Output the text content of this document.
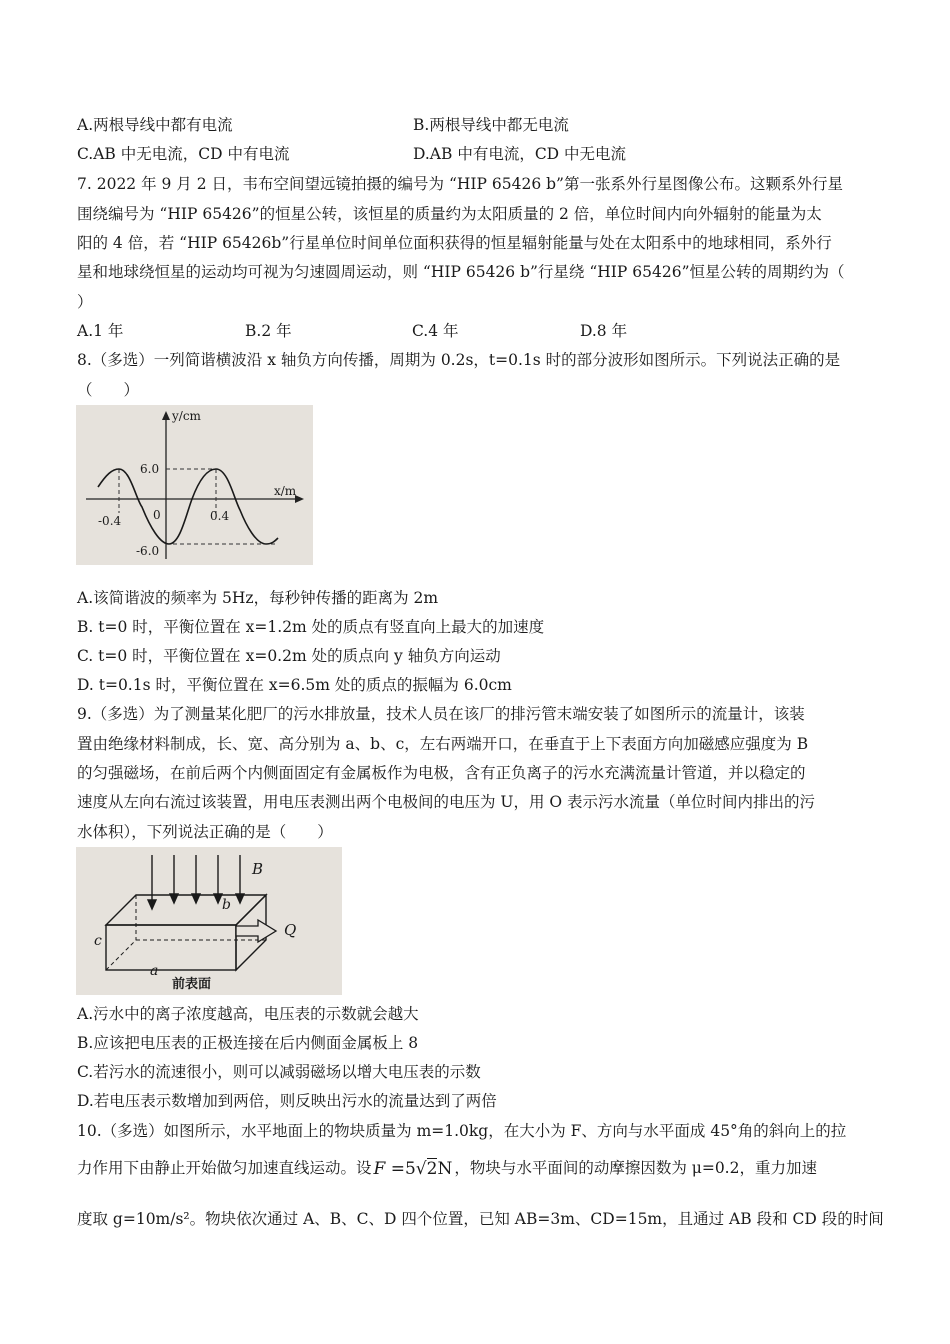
A.两根导线中都有电流	B.两根导线中都无电流
C.AB 中无电流，CD 中有电流	D.AB 中有电流，CD 中无电流
7. 2022 年 9 月 2 日，韦布空间望远镜拍摄的编号为 “HIP 65426 b”第一张系外行星图像公布。这颗系外行星
围绕编号为 “HIP 65426”的恒星公转，该恒星的质量约为太阳质量的 2 倍，单位时间内向外辐射的能量为太
阳的 4 倍，若 “HIP 65426b”行星单位时间单位面积获得的恒星辐射能量与处在太阳系中的地球相同，系外行
星和地球绕恒星的运动均可视为匀速圆周运动，则 “HIP 65426 b”行星绕 “HIP 65426”恒星公转的周期约为（
）
A.1 年	B.2 年	C.4 年	D.8 年
8.（多选）一列简谐横波沿 x 轴负方向传播，周期为 0.2s，t=0.1s 时的部分波形如图所示。下列说法正确的是
（　　）
y/cm
x/m
6.0
-6.0
0
-0.4	0.4
A.该简谐波的频率为 5Hz，每秒钟传播的距离为 2m
B. t=0 时，平衡位置在 x=1.2m 处的质点有竖直向上最大的加速度
C. t=0 时，平衡位置在 x=0.2m 处的质点向 y 轴负方向运动
D. t=0.1s 时，平衡位置在 x=6.5m 处的质点的振幅为 6.0cm
9.（多选）为了测量某化肥厂的污水排放量，技术人员在该厂的排污管末端安装了如图所示的流量计，该装
置由绝缘材料制成，长、宽、高分别为 a、b、c，左右两端开口，在垂直于上下表面方向加磁感应强度为 B
的匀强磁场，在前后两个内侧面固定有金属板作为电极，含有正负离子的污水充满流量计管道，并以稳定的
速度从左向右流过该装置，用电压表测出两个电极间的电压为 U，用 O 表示污水流量（单位时间内排出的污
水体积），下列说法正确的是（　　）
B
b
c
a
Q
前表面
A.污水中的离子浓度越高，电压表的示数就会越大
B.应该把电压表的正极连接在后内侧面金属板上 8
C.若污水的流速很小，则可以减弱磁场以增大电压表的示数
D.若电压表示数增加到两倍，则反映出污水的流量达到了两倍
10.（多选）如图所示，水平地面上的物块质量为 m=1.0kg，在大小为 F、方向与水平面成 45°角的斜向上的拉
力作用下由静止开始做匀加速直线运动。设 F =5√2N ，物块与水平面间的动摩擦因数为 μ=0.2，重力加速
度取 g=10m/s²。物块依次通过 A、B、C、D 四个位置，已知 AB=3m、CD=15m，且通过 AB 段和 CD 段的时间
